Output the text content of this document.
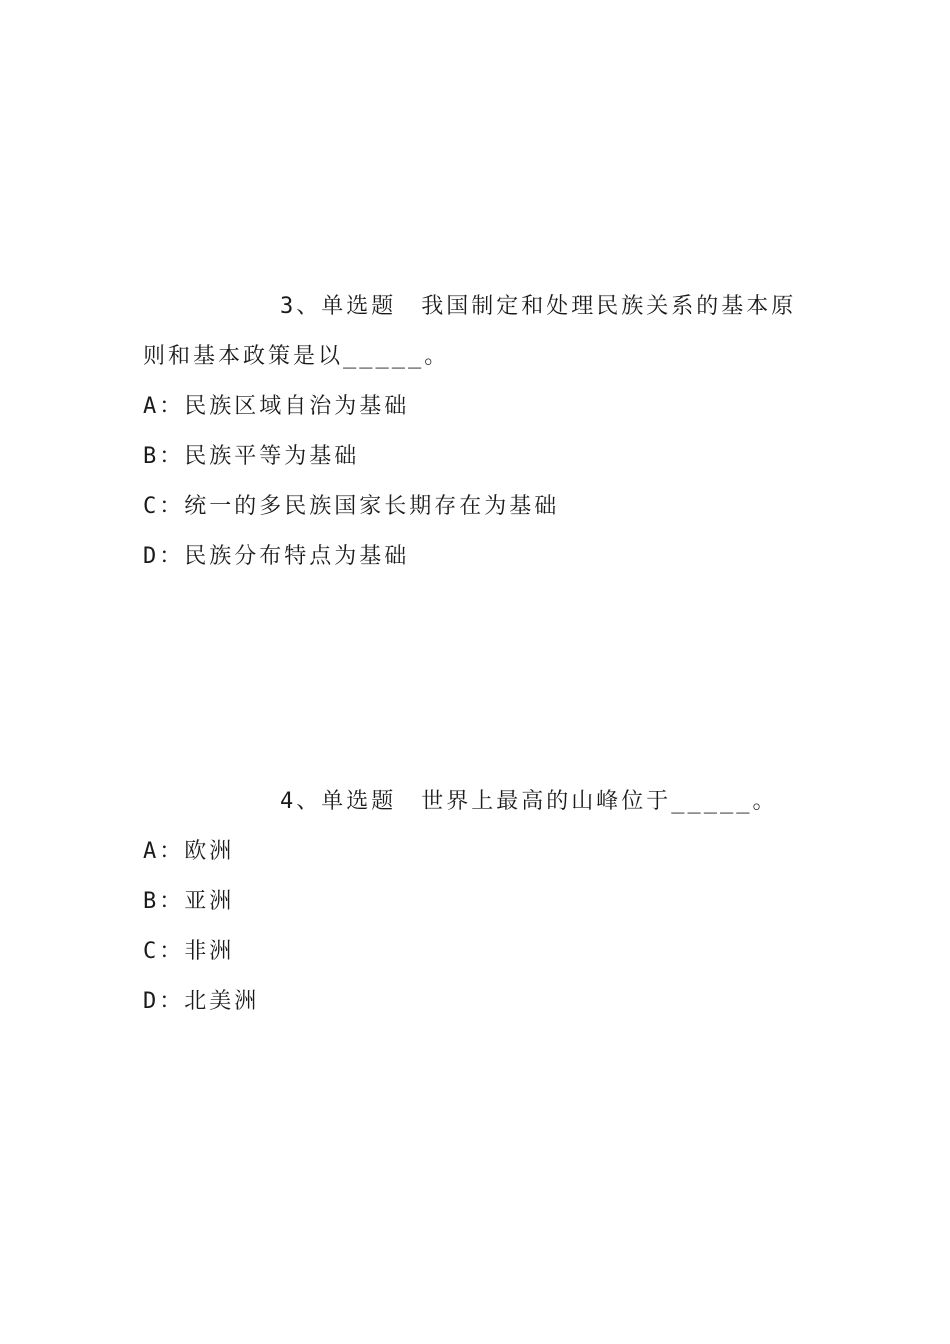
3、单选题　我国制定和处理民族关系的基本原则和基本政策是以_____。

A：民族区域自治为基础
B：民族平等为基础
C：统一的多民族国家长期存在为基础
D：民族分布特点为基础

4、单选题　世界上最高的山峰位于_____。

A：欧洲
B：亚洲
C：非洲
D：北美洲
